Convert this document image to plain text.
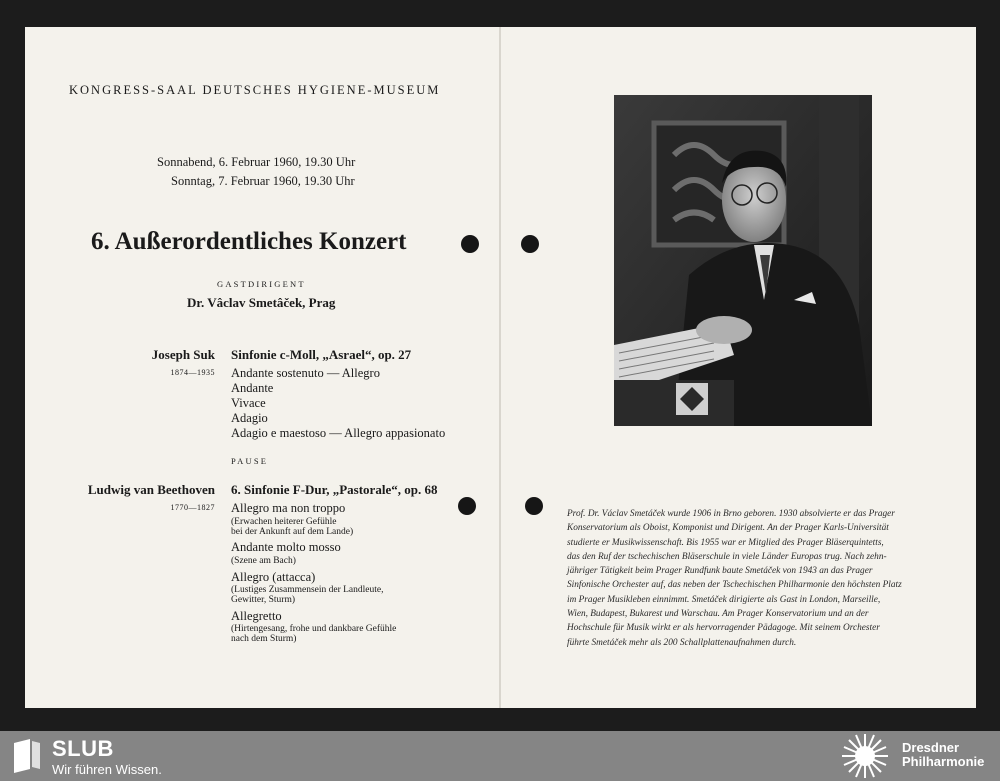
KONGRESS-SAAL DEUTSCHES HYGIENE-MUSEUM
Sonnabend, 6. Februar 1960, 19.30 Uhr
Sonntag, 7. Februar 1960, 19.30 Uhr
6. Außerordentliches Konzert
GASTDIRIGENT
Dr. Vâclav Smetâček, Prag
Joseph Suk
1874—1935
Sinfonie c-Moll, „Asrael“, op. 27
Andante sostenuto — Allegro
Andante
Vivace
Adagio
Adagio e maestoso — Allegro appasionato
PAUSE
Ludwig van Beethoven
1770—1827
6. Sinfonie F-Dur, „Pastorale“, op. 68
Allegro ma non troppo
(Erwachen heiterer Gefühle
bei der Ankunft auf dem Lande)
Andante molto mosso
(Szene am Bach)
Allegro (attacca)
(Lustiges Zusammensein der Landleute,
Gewitter, Sturm)
Allegretto
(Hirtengesang, frohe und dankbare Gefühle
nach dem Sturm)

Prof. Dr. Václav Smetáček wurde 1906 in Brno geboren. 1930 absolvierte er das Prager

Konservatorium als Oboist, Komponist und Dirigent. An der Prager Karls-Universität

studierte er Musikwissenschaft. Bis 1955 war er Mitglied des Prager Bläserquintetts,

das den Ruf der tschechischen Bläserschule in viele Länder Europas trug. Nach zehn-

jähriger Tätigkeit beim Prager Rundfunk baute Smetáček von 1943 an das Prager

Sinfonische Orchester auf, das neben der Tschechischen Philharmonie den höchsten Platz

im Prager Musikleben einnimmt. Smetáček dirigierte als Gast in London, Marseille,

Wien, Budapest, Bukarest und Warschau. Am Prager Konservatorium und an der

Hochschule für Musik wirkt er als hervorragender Pädagoge. Mit seinem Orchester

führte Smetáček mehr als 200 Schallplattenaufnahmen durch.

SLUB
Wir führen Wissen.
Dresdner
Philharmonie
